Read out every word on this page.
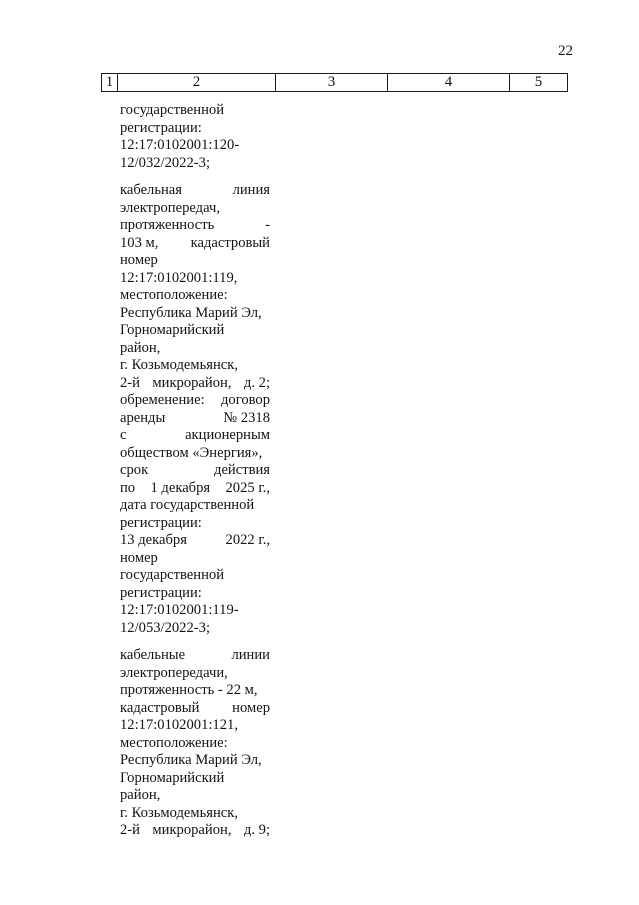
22
1	2	3	4	5
государственной
регистрации:
12:17:0102001:120-
12/032/2022-3;
кабельная	линия
электропередач,
протяженность	-
103 м, кадастровый
номер
12:17:0102001:119,
местоположение:
Республика Марий Эл,
Горномарийский
район,
г. Козьмодемьянск,
2-й микрорайон, д. 2;
обременение: договор
аренды	№ 2318
с	акционерным
обществом «Энергия»,
срок	действия
по 1 декабря 2025 г.,
дата государственной
регистрации:
13 декабря	2022 г.,
номер
государственной
регистрации:
12:17:0102001:119-
12/053/2022-3;
кабельные	линии
электропередачи,
протяженность - 22 м,
кадастровый номер
12:17:0102001:121,
местоположение:
Республика Марий Эл,
Горномарийский
район,
г. Козьмодемьянск,
2-й микрорайон, д. 9;
